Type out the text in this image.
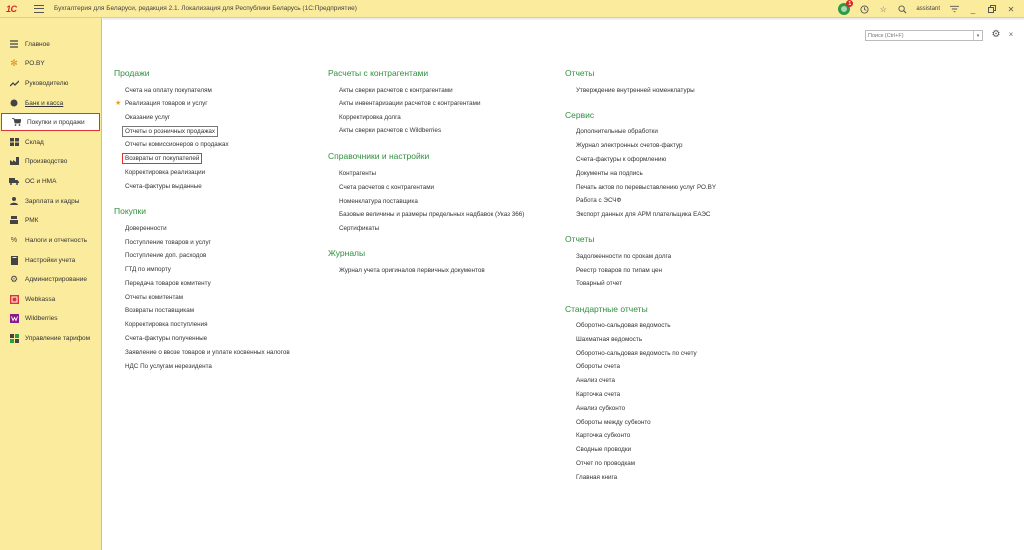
1С	Бухгалтерия для Беларуси, редакция 2.1. Локализация для Республики Беларусь (1С:Предприятие)
1
☆	assistant	_	✕
Главное
✻ РО.BY
Руководителю
Банк и касса
Покупки и продажи
Склад
Производство
ОС и НМА
Зарплата и кадры
РМК
% Налоги и отчетность
Настройки учета
⚙ Администрирование
Webkassa
Wildberries
Управление тарифом
Поиск (Ctrl+F)
▾ ⚙	×
Продажи
Счета на оплату покупателям
★ Реализация товаров и услуг
Оказание услуг
Отчеты о розничных продажах
Отчеты комиссионеров о продажах
Возвраты от покупателей
Корректировка реализации
Счета-фактуры выданные
Покупки
Доверенности
Поступление товаров и услуг
Поступление доп. расходов
ГТД по импорту
Передача товаров комитенту
Отчеты комитентам
Возвраты поставщикам
Корректировка поступления
Счета-фактуры полученные
Заявление о ввозе товаров и уплате косвенных налогов
НДС По услугам нерезидента
Расчеты с контрагентами
Акты сверки расчетов с контрагентами
Акты инвентаризации расчетов с контрагентами
Корректировка долга
Акты сверки расчетов с Wildberries
Справочники и настройки
Контрагенты
Счета расчетов с контрагентами
Номенклатура поставщика
Базовые величины и размеры предельных надбавок (Указ 366)
Сертификаты
Журналы
Журнал учета оригиналов первичных документов
Отчеты
Утверждение внутренней номенклатуры
Сервис
Дополнительные обработки
Журнал электронных счетов-фактур
Счета-фактуры к оформлению
Документы на подпись
Печать актов по перевыставлению услуг РО.BY
Работа с ЭСЧФ
Экспорт данных для АРМ плательщика ЕАЭС
Отчеты
Задолженности по срокам долга
Реестр товаров по типам цен
Товарный отчет
Стандартные отчеты
Оборотно-сальдовая ведомость
Шахматная ведомость
Оборотно-сальдовая ведомость по счету
Обороты счета
Анализ счета
Карточка счета
Анализ субконто
Обороты между субконто
Карточка субконто
Сводные проводки
Отчет по проводкам
Главная книга
